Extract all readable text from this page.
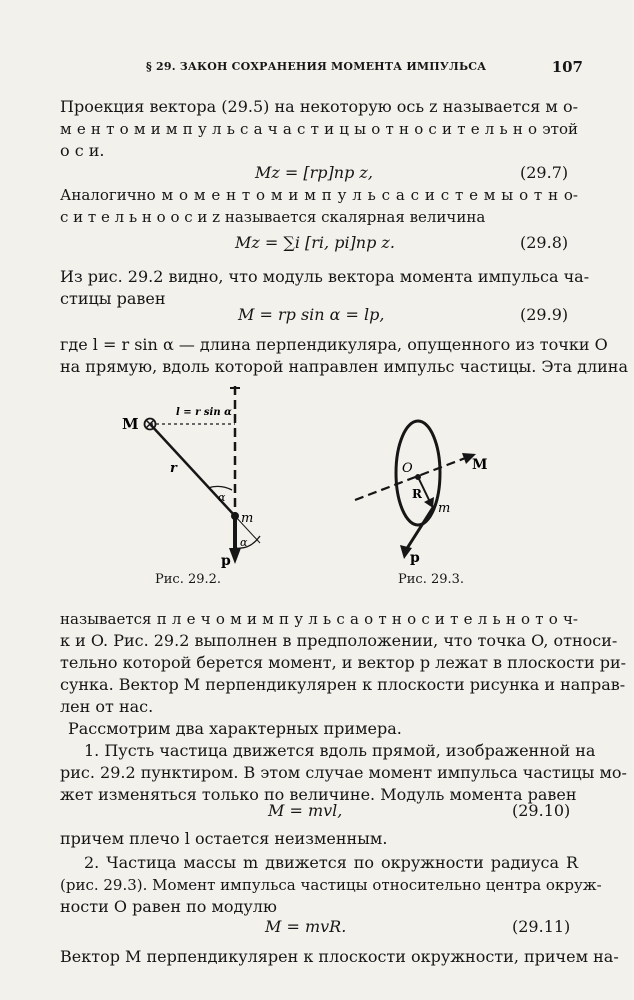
§ 29. ЗАКОН СОХРАНЕНИЯ МОМЕНТА ИМПУЛЬСА	107
Проекция вектора (29.5) на некоторую ось z называется м о-
м е н т о м и м п у л ь с а ч а с т и ц ы о т н о с и т е л ь н о этой
о с и.
Mz = [rp]пр z,	(29.7)
Аналогично м о м е н т о м и м п у л ь с а с и с т е м ы о т н о-
с и т е л ь н о о с и z называется скалярная величина
Mz = ∑i [ri, pi]пр z.	(29.8)
Из рис. 29.2 видно, что модуль вектора момента импульса ча-
стицы равен
M = rp sin α = lp,	(29.9)
где l = r sin α — длина перпендикуляра, опущенного из точки O
на прямую, вдоль которой направлен импульс частицы. Эта длина
M
l = r sin α
r
α
α
m
p
Рис. 29.2.
O	M
R
m
p
Рис. 29.3.
называется п л е ч о м и м п у л ь с а о т н о с и т е л ь н о т о ч-
к и O. Рис. 29.2 выполнен в предположении, что точка O, относи-
тельно которой берется момент, и вектор p лежат в плоскости ри-
сунка. Вектор M перпендикулярен к плоскости рисунка и направ-
лен от нас.
Рассмотрим два характерных примера.
1. Пусть частица движется вдоль прямой, изображенной на
рис. 29.2 пунктиром. В этом случае момент импульса частицы мо-
жет изменяться только по величине. Модуль момента равен
M = mvl,	(29.10)
причем плечо l остается неизменным.
2. Частица массы m движется по окружности радиуса R
(рис. 29.3). Момент импульса частицы относительно центра окруж-
ности O равен по модулю
M = mvR.	(29.11)
Вектор M перпендикулярен к плоскости окружности, причем на-
